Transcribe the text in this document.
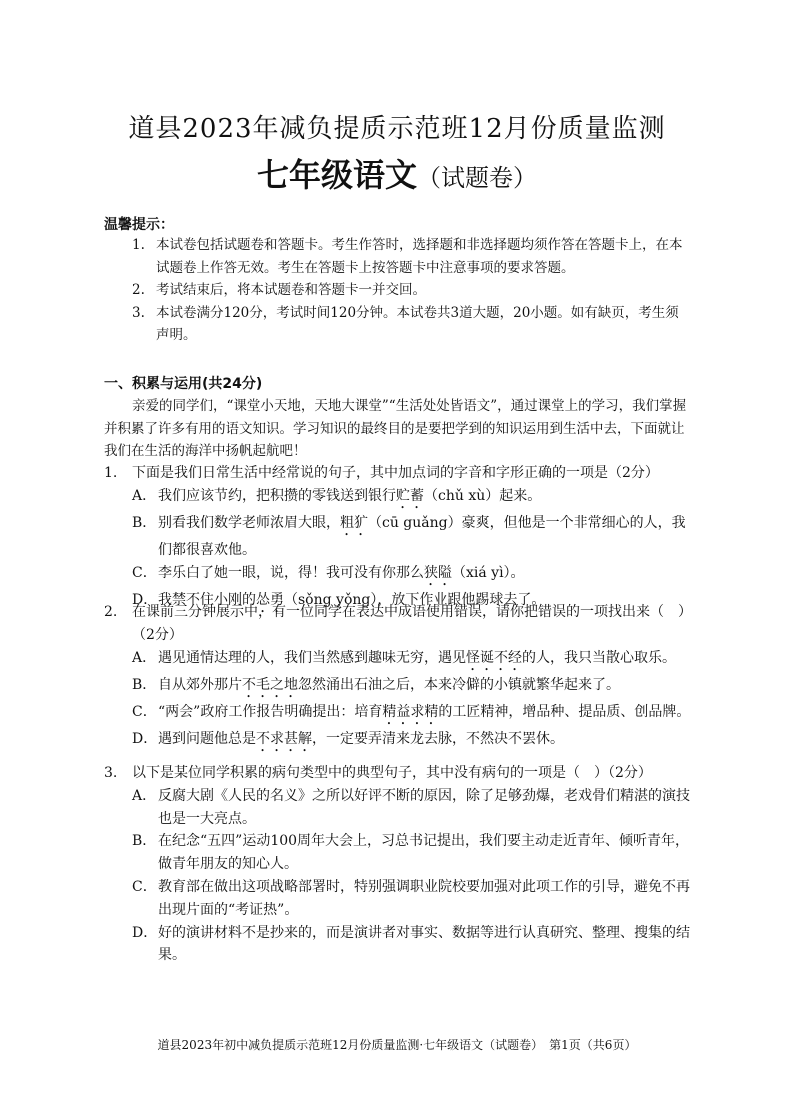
道县2023年减负提质示范班12月份质量监测
七年级语文（试题卷）
温馨提示：
1. 本试卷包括试题卷和答题卡。考生作答时，选择题和非选择题均须作答在答题卡上，在本试题卷上作答无效。考生在答题卡上按答题卡中注意事项的要求答题。
2. 考试结束后，将本试题卷和答题卡一并交回。
3. 本试卷满分120分，考试时间120分钟。本试卷共3道大题，20小题。如有缺页，考生须声明。
一、积累与运用(共24分)
亲爱的同学们，“课堂小天地，天地大课堂”“生活处处皆语文”，通过课堂上的学习，我们掌握并积累了许多有用的语文知识。学习知识的最终目的是要把学到的知识运用到生活中去，下面就让我们在生活的海洋中扬帆起航吧！
1. 下面是我们日常生活中经常说的句子，其中加点词的字音和字形正确的一项是（2分）
A． 我们应该节约，把积攒的零钱送到银行贮蓄（chǔ xù）起来。
B． 别看我们数学老师浓眉大眼，粗犷（cū guǎng）豪爽，但他是一个非常细心的人，我们都很喜欢他。
C． 李乐白了她一眼，说，得！我可没有你那么狭隘（xiá yì）。
D． 我禁不住小刚的怂勇（sǒng yǒng），放下作业跟他踢球去了。
2. 在课前三分钟展示中，有一位同学在表达中成语使用错误，请你把错误的一项找出来（　）（2分）
A． 遇见通情达理的人，我们当然感到趣味无穷，遇见怪诞不经的人，我只当散心取乐。
B． 自从郊外那片不毛之地忽然涌出石油之后，本来冷僻的小镇就繁华起来了。
C． “两会”政府工作报告明确提出：培育精益求精的工匠精神，增品种、提品质、创品牌。
D． 遇到问题他总是不求甚解，一定要弄清来龙去脉，不然决不罢休。
3. 以下是某位同学积累的病句类型中的典型句子，其中没有病句的一项是（　）（2分）
A． 反腐大剧《人民的名义》之所以好评不断的原因，除了足够劲爆，老戏骨们精湛的演技也是一大亮点。
B． 在纪念“五四”运动100周年大会上，习总书记提出，我们要主动走近青年、倾听青年，做青年朋友的知心人。
C． 教育部在做出这项战略部署时，特别强调职业院校要加强对此项工作的引导，避免不再出现片面的“考证热”。
D． 好的演讲材料不是抄来的，而是演讲者对事实、数据等进行认真研究、整理、搜集的结果。
道县2023年初中减负提质示范班12月份质量监测·七年级语文（试题卷）　第1页（共6页）
